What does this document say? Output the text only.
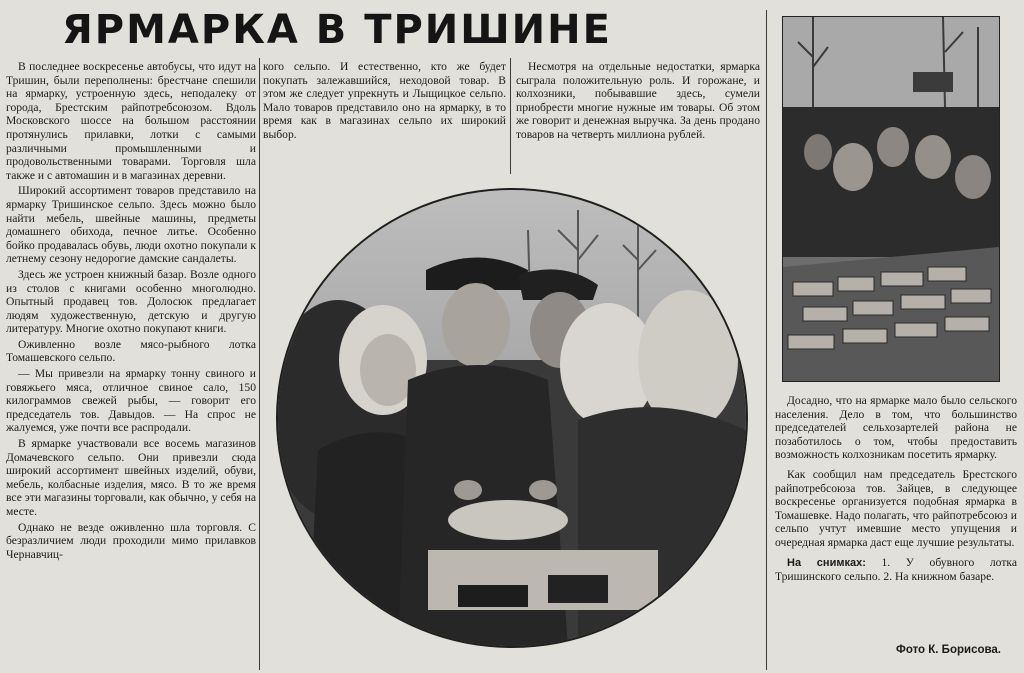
ЯРМАРКА В ТРИШИНЕ

В последнее воскресенье автобусы, что идут на Тришин, были переполнены: брестчане спешили на ярмарку, устроенную здесь, неподалеку от города, Брестским райпотребсоюзом. Вдоль Московского шоссе на большом расстоянии протянулись прилавки, лотки с самыми различными промышленными и продовольственными товарами. Торговля шла также и с автомашин и в магазинах деревни.

Широкий ассортимент товаров представило на ярмарку Тришинское сельпо. Здесь можно было найти мебель, швейные машины, предметы домашнего обихода, печное литье. Особенно бойко продавалась обувь, люди охотно покупали к летнему сезону недорогие дамские сандалеты.

Здесь же устроен книжный базар. Возле одного из столов с книгами особенно многолюдно. Опытный продавец тов. Долосюк предлагает людям художественную, детскую и другую литературу. Многие охотно покупают книги.

Оживленно возле мясо-рыбного лотка Томашевского сельпо.

— Мы привезли на ярмарку тонну свиного и говяжьего мяса, отличное свиное сало, 150 килограммов свежей рыбы, — говорит его председатель тов. Давыдов. — На спрос не жалуемся, уже почти все распродали.

В ярмарке участвовали все восемь магазинов Домачевского сельпо. Они привезли сюда широкий ассортимент швейных изделий, обуви, мебель, колбасные изделия, мясо. В то же время все эти магазины торговали, как обычно, у себя на месте.

Однако не везде оживленно шла торговля. С безразличием люди проходили мимо прилавков Чернавчиц-

кого сельпо. И естественно, кто же будет покупать залежавшийся, неходовой товар. В этом же следует упрекнуть и Лыщицкое сельпо. Мало товаров представило оно на ярмарку, в то время как в магазинах сельпо их широкий выбор.

Несмотря на отдельные недостатки, ярмарка сыграла положительную роль. И горожане, и колхозники, побывавшие здесь, сумели приобрести многие нужные им товары. Об этом же говорит и денежная выручка. За день продано товаров на четверть миллиона рублей.

Досадно, что на ярмарке мало было сельского населения. Дело в том, что большинство председателей сельхозартелей района не позаботилось о том, чтобы предоставить возможность колхозникам посетить ярмарку.

Как сообщил нам председатель Брестского райпотребсоюза тов. Зайцев, в следующее воскресенье организуется подобная ярмарка в Томашевке. Надо полагать, что райпотребсоюз и сельпо учтут имевшие место упущения и очередная ярмарка даст еще лучшие результаты.

На снимках: 1. У обувного лотка Тришинского сельпо. 2. На книжном базаре.

Фото К. Борисова.
